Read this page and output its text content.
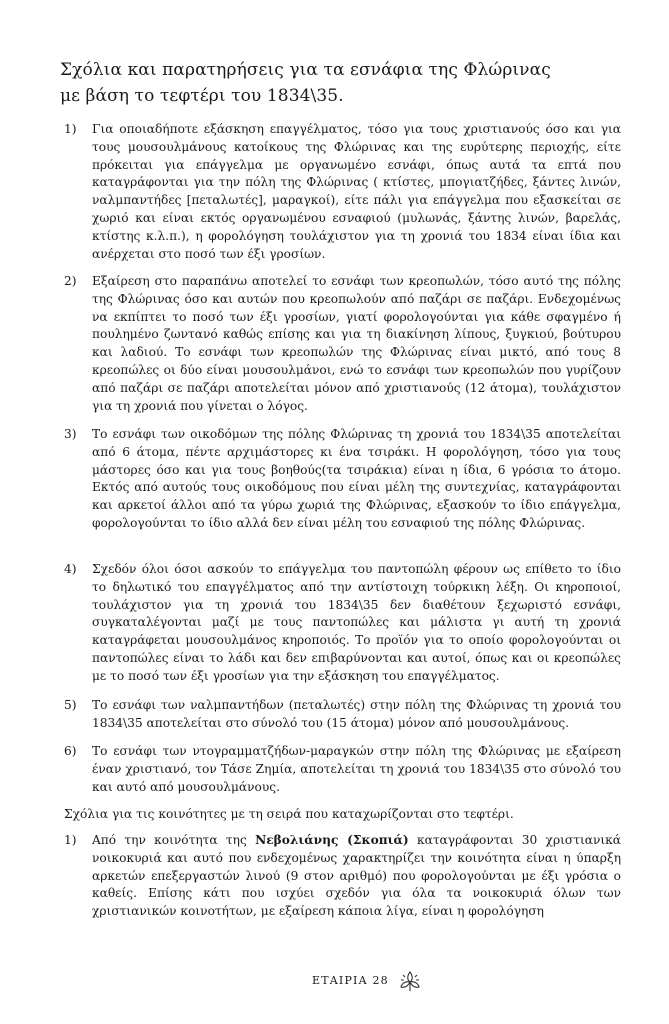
Σχόλια και παρατηρήσεις για τα εσνάφια της Φλώρινας
με βάση το τεφτέρι του 1834\35.
1)	Για οποιαδήποτε εξάσκηση επαγγέλματος, τόσο για τους χριστιανούς όσο και για τους μουσουλμάνους κατοίκους της Φλώρινας και της ευρύτερης περιοχής, είτε πρόκειται για επάγγελμα με οργανωμένο εσνάφι, όπως αυτά τα επτά που καταγράφονται για την πόλη της Φλώρινας ( κτίστες, μπογιατζήδες, ξάντες λινών, ναλμπαντήδες [πεταλωτές], μαραγκοί), είτε πάλι για επάγγελμα που εξασκείται σε χωριό και είναι εκτός οργανωμένου εσναφιού (μυλωνάς, ξάντης λινών, βαρελάς, κτίστης κ.λ.π.), η φορολόγηση τουλάχιστον για τη χρονιά του 1834 είναι ίδια και ανέρχεται στο ποσό των έξι γροσίων.
2)	Εξαίρεση στο παραπάνω αποτελεί το εσνάφι των κρεοπωλών, τόσο αυτό της πόλης της Φλώρινας όσο και αυτών που κρεοπωλούν από παζάρι σε παζάρι. Ενδεχομένως να εκπίπτει το ποσό των έξι γροσίων, γιατί φορολογούνται για κάθε σφαγμένο ή πουλημένο ζωντανό καθώς επίσης και για τη διακίνηση λίπους, ξυγκιού, βούτυρου και λαδιού. Το εσνάφι των κρεοπωλών της Φλώρινας είναι μικτό, από τους 8 κρεοπώλες οι δύο είναι μουσουλμάνοι, ενώ το εσνάφι των κρεοπωλών που γυρίζουν από παζάρι σε παζάρι αποτελείται μόνον από χριστιανούς (12 άτομα), τουλάχιστον για τη χρονιά που γίνεται ο λόγος.
3)	Το εσνάφι των οικοδόμων της πόλης Φλώρινας τη χρονιά του 1834\35 αποτελείται από 6 άτομα, πέντε αρχιμάστορες κι ένα τσιράκι. Η φορολόγηση, τόσο για τους μάστορες όσο και για τους βοηθούς(τα τσιράκια) είναι η ίδια, 6 γρόσια το άτομο. Εκτός από αυτούς τους οικοδόμους που είναι μέλη της συντεχνίας, καταγράφονται και αρκετοί άλλοι από τα γύρω χωριά της Φλώρινας, εξασκούν το ίδιο επάγγελμα, φορολογούνται το ίδιο αλλά δεν είναι μέλη του εσναφιού της πόλης Φλώρινας.
4)	Σχεδόν όλοι όσοι ασκούν το επάγγελμα του παντοπώλη φέρουν ως επίθετο το ίδιο το δηλωτικό του επαγγέλματος από την αντίστοιχη τούρκικη λέξη. Οι κηροποιοί, τουλάχιστον για τη χρονιά του 1834\35 δεν διαθέτουν ξεχωριστό εσνάφι, συγκαταλέγονται μαζί με τους παντοπώλες και μάλιστα γι αυτή τη χρονιά καταγράφεται μουσουλμάνος κηροποιός. Το προϊόν για το οποίο φορολογούνται οι παντοπώλες είναι το λάδι και δεν επιβαρύνονται και αυτοί, όπως και οι κρεοπώλες με το ποσό των έξι γροσίων για την εξάσκηση του επαγγέλματος.
5)	Το εσνάφι των ναλμπαντήδων (πεταλωτές) στην πόλη της Φλώρινας τη χρονιά του 1834\35 αποτελείται στο σύνολό του (15 άτομα) μόνον από μουσουλμάνους.
6)	Το εσνάφι των ντογραμματζήδων-μαραγκών στην πόλη της Φλώρινας με εξαίρεση έναν χριστιανό, τον Τάσε Ζημία, αποτελείται τη χρονιά του 1834\35 στο σύνολό του και αυτό από μουσουλμάνους.
Σχόλια για τις κοινότητες με τη σειρά που καταχωρίζονται στο τεφτέρι.
1)	Από την κοινότητα της Νεβολιάνης (Σκοπιά) καταγράφονται 30 χριστιανικά νοικοκυριά και αυτό που ενδεχομένως χαρακτηρίζει την κοινότητα είναι η ύπαρξη αρκετών επεξεργαστών λινού (9 στον αριθμό) που φορολογούνται με έξι γρόσια ο καθείς. Επίσης κάτι που ισχύει σχεδόν για όλα τα νοικοκυριά όλων των χριστιανικών κοινοτήτων, με εξαίρεση κάποια λίγα, είναι η φορολόγηση
ΕΤΑΙΡΙΑ 28
